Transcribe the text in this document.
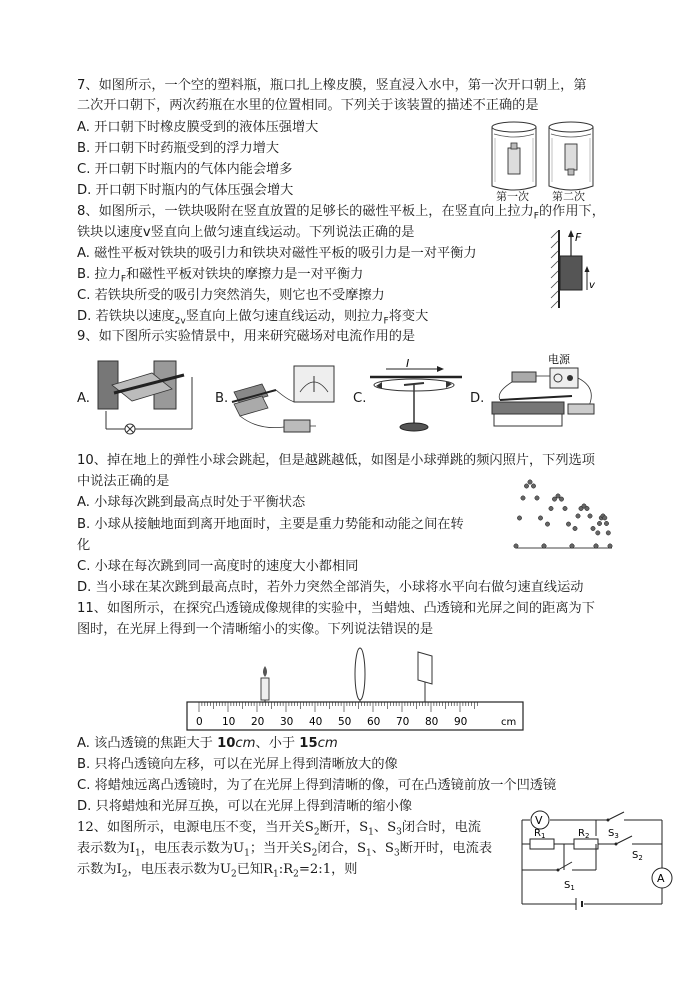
7、如图所示，一个空的塑料瓶，瓶口扎上橡皮膜，竖直浸入水中，第一次开口朝上，第
二次开口朝下，两次药瓶在水里的位置相同。下列关于该装置的描述不正确的是
A. 开口朝下时橡皮膜受到的液体压强增大
B. 开口朝下时药瓶受到的浮力增大
C. 开口朝下时瓶内的气体内能会增多
D. 开口朝下时瓶内的气体压强会增大	第一次 第二次
8、如图所示，一铁块吸附在竖直放置的足够长的磁性平板上，在竖直向上拉力$_F$的作用下，
铁块以速度v竖直向上做匀速直线运动。下列说法正确的是
A. 磁性平板对铁块的吸引力和铁块对磁性平板的吸引力是一对平衡力
B. 拉力$_F$和磁性平板对铁块的摩擦力是一对平衡力
C. 若铁块所受的吸引力突然消失，则它也不受摩擦力
D. 若铁块以速度$_{2v}$竖直向上做匀速直线运动，则拉力$_F$将变大
F
v
9、如下图所示实验情景中，用来研究磁场对电流作用的是
A.	B.	C.	D.
I	电源
10、掉在地上的弹性小球会跳起，但是越跳越低，如图是小球弹跳的频闪照片，下列选项
中说法正确的是
A. 小球每次跳到最高点时处于平衡状态
B. 小球从接触地面到离开地面时，主要是重力势能和动能之间在转
化
C. 小球在每次跳到同一高度时的速度大小都相同
D. 当小球在某次跳到最高点时，若外力突然全部消失，小球将水平向右做匀速直线运动
11、如图所示，在探究凸透镜成像规律的实验中，当蜡烛、凸透镜和光屏之间的距离为下
图时，在光屏上得到一个清晰缩小的实像。下列说法错误的是
0 10 20 30 40 50 60 70 80 90	cm
A. 该凸透镜的焦距大于 10cm、小于 15cm
B. 只将凸透镜向左移，可以在光屏上得到清晰放大的像
C. 将蜡烛远离凸透镜时，为了在光屏上得到清晰的像，可在凸透镜前放一个凹透镜
D. 只将蜡烛和光屏互换，可以在光屏上得到清晰的缩小像
12、如图所示，电源电压不变，当开关$S_2$断开，$S_1$、$S_3$闭合时，电流
表示数为$I_1$，电压表示数为$U_1$；当开关$S_2$闭合，$S_1$、$S_3$断开时，电流表
示数为$I_2$，电压表示数为$U_2$已知$R_1:R_2=2:1$，则
V
A
$R_1$	$R_2$
$S_1$
$S_2$
$S_3$
